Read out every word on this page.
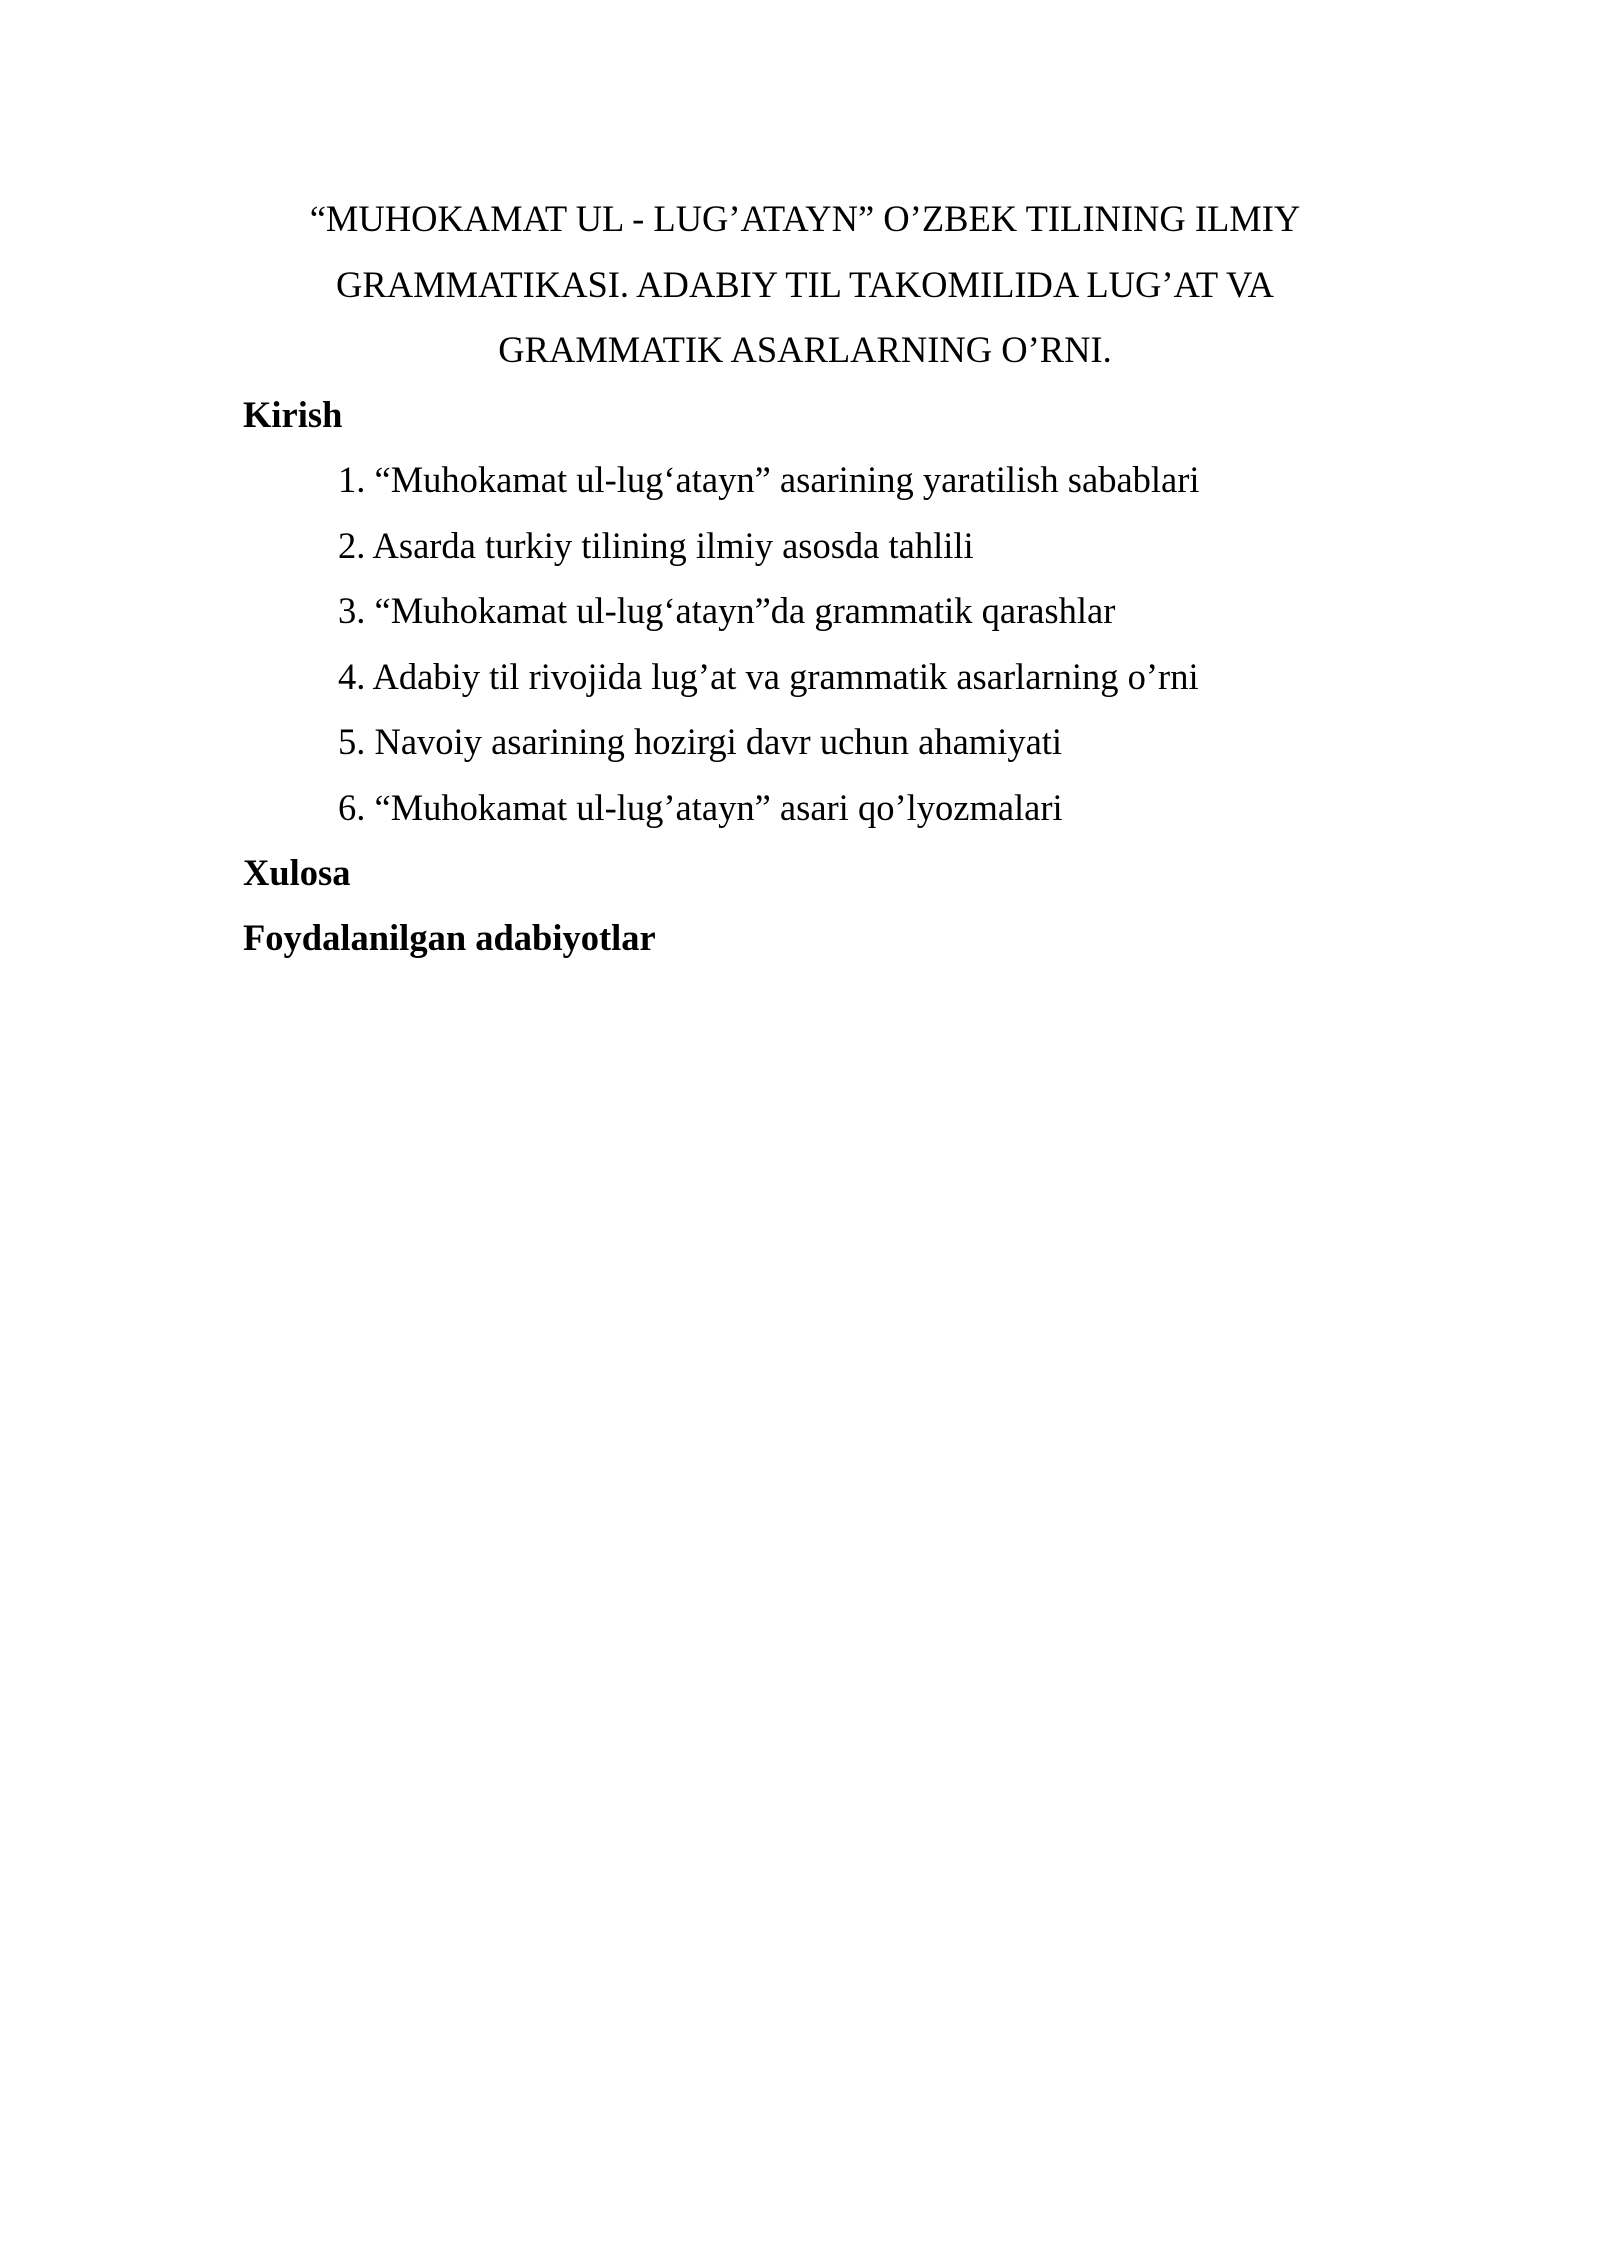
“MUHOKAMAT UL - LUG’ATAYN” O’ZBEK TILINING ILMIY
GRAMMATIKASI. ADABIY TIL TAKOMILIDA LUG’AT VA
GRAMMATIK ASARLARNING O’RNI.
Kirish
1. “Muhokamat ul-lug‘atayn” asarining yaratilish sabablari
2. Asarda turkiy tilining ilmiy asosda tahlili
3. “Muhokamat ul-lug‘atayn”da grammatik qarashlar
4. Adabiy til rivojida lug’at va grammatik asarlarning o’rni
5. Navoiy asarining hozirgi davr uchun ahamiyati
6. “Muhokamat ul-lug’atayn” asari qo’lyozmalari
Xulosa
Foydalanilgan adabiyotlar
